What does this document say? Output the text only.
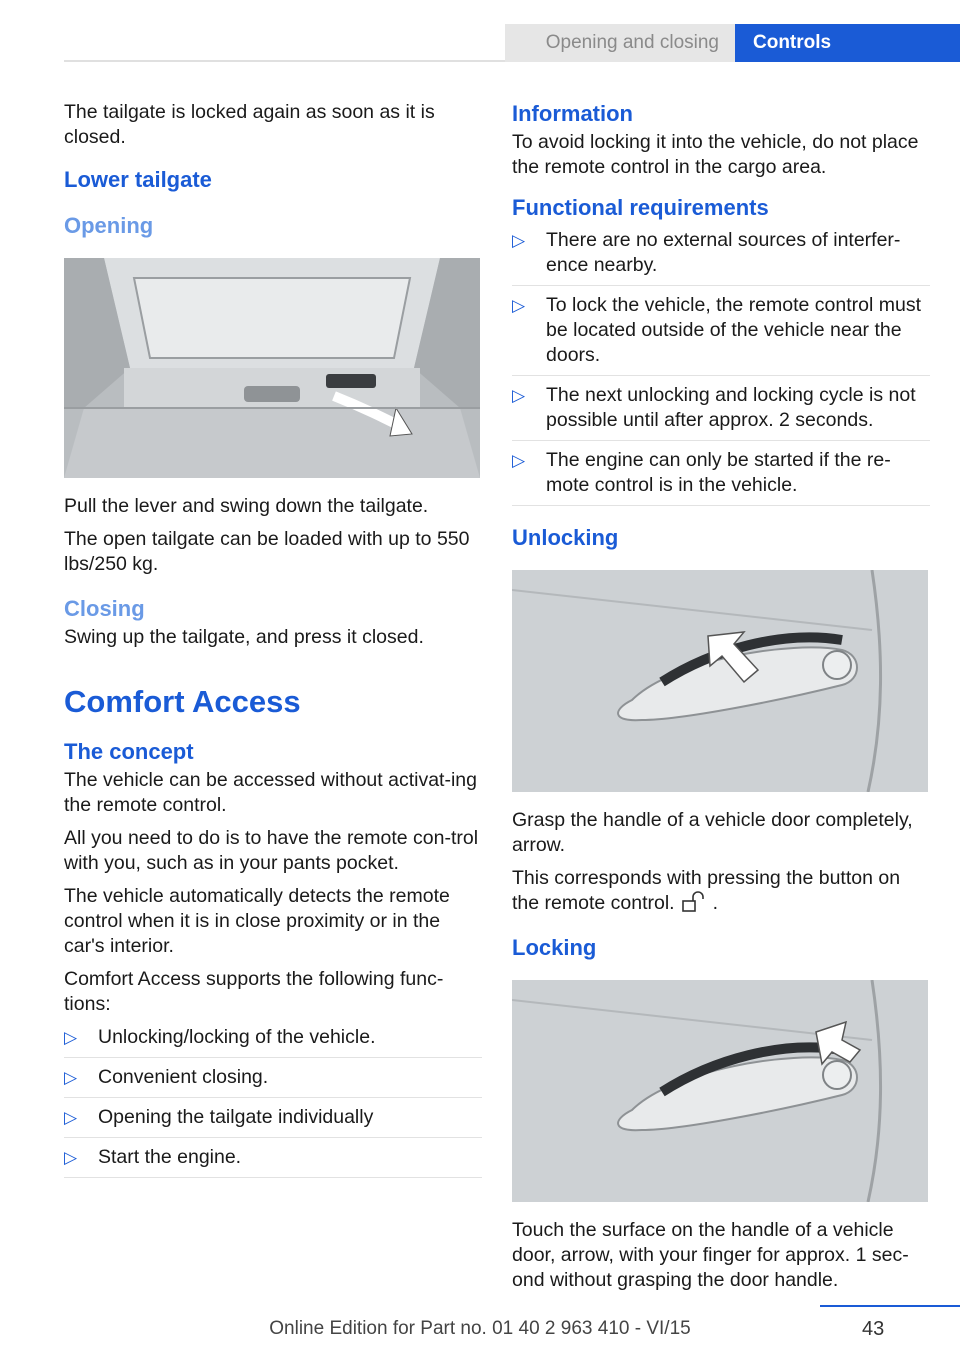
Opening and closing	Controls

The tailgate is locked again as soon as it is closed.

Lower tailgate
Opening

Pull the lever and swing down the tailgate.

The open tailgate can be loaded with up to 550 lbs/250 kg.

Closing

Swing up the tailgate, and press it closed.

Comfort Access
The concept

The vehicle can be accessed without activat‐ing the remote control.

All you need to do is to have the remote con‐trol with you, such as in your pants pocket.

The vehicle automatically detects the remote control when it is in close proximity or in the car's interior.

Comfort Access supports the following func‐tions:

▷ Unlocking/locking of the vehicle.
▷ Convenient closing.
▷ Opening the tailgate individually
▷ Start the engine.
Information

To avoid locking it into the vehicle, do not place the remote control in the cargo area.

Functional requirements
▷ There are no external sources of interfer‐ence nearby.
▷ To lock the vehicle, the remote control must be located outside of the vehicle near the doors.
▷ The next unlocking and locking cycle is not possible until after approx. 2 seconds.
▷ The engine can only be started if the re‐mote control is in the vehicle.
Unlocking

Grasp the handle of a vehicle door completely, arrow.

This corresponds with pressing the button on the remote control. .

Locking

Touch the surface on the handle of a vehicle door, arrow, with your finger for approx. 1 sec‐ond without grasping the door handle.

Online Edition for Part no. 01 40 2 963 410 - VI/15	43
